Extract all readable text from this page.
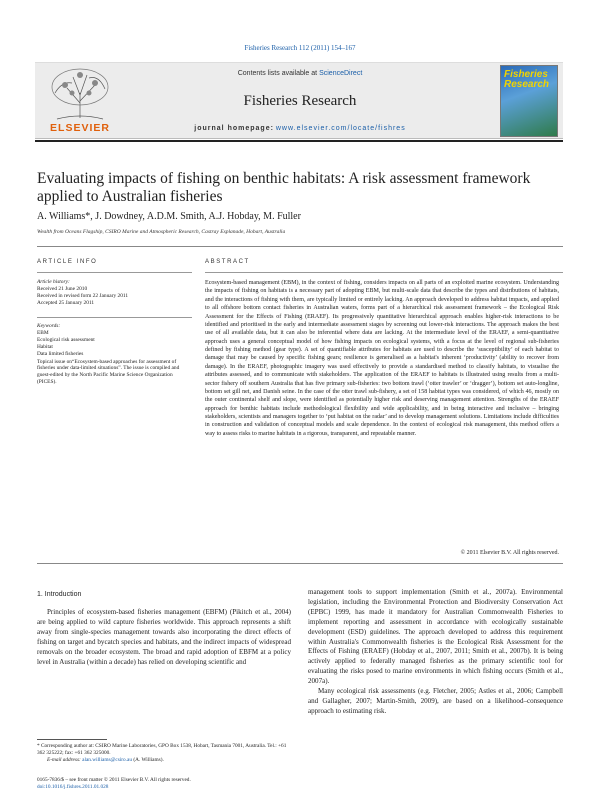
Fisheries Research 112 (2011) 154–167
ELSEVIER
Contents lists available at ScienceDirect
Fisheries Research
journal homepage: www.elsevier.com/locate/fishres
Fisheries
Research
Evaluating impacts of fishing on benthic habitats: A risk assessment framework
applied to Australian fisheries
A. Williams*, J. Dowdney, A.D.M. Smith, A.J. Hobday, M. Fuller
Wealth from Oceans Flagship, CSIRO Marine and Atmospheric Research, Castray Esplanade, Hobart, Australia
ARTICLE INFO
Article history:
Received 21 June 2010
Received in revised form 22 January 2011
Accepted 25 January 2011
Keywords:
EBM
Ecological risk assessment
Habitat
Data limited fisheries
Topical issue on“Ecosystem-based approaches for assessment of fisheries under data-limited situations”. The issue is compiled and guest-edited by the North Pacific Marine Science Organization (PICES).
ABSTRACT
Ecosystem-based management (EBM), in the context of fishing, considers impacts on all parts of an exploited marine ecosystem. Understanding the impacts of fishing on habitats is a necessary part of adopting EBM, but multi-scale data that describe the types and distributions of habitats, and the interactions of fishing with them, are typically limited or entirely lacking. An approach developed to address habitat impacts, and applied to all offshore bottom contact fisheries in Australian waters, forms part of a hierarchical risk assessment framework – the Ecological Risk Assessment for the Effects of Fishing (ERAEF). Its progressively quantitative hierarchical approach enables higher-risk interactions to be identified and prioritised in the early and intermediate assessment stages by screening out lower-risk interactions. The approach makes the best use of all available data, but it can also be inferential where data are lacking. At the intermediate level of the ERAEF, a semi-quantitative approach uses a general conceptual model of how fishing impacts on ecological systems, with a focus at the level of regional sub-fisheries defined by fishing method (gear type). A set of quantifiable attributes for habitats are used to describe the ‘susceptibility’ of each habitat to damage that may be caused by specific fishing gears; resilience is generalised as a habitat's inherent ‘productivity’ (ability to recover from damage). In the ERAEF, photographic imagery was used effectively to provide a standardised method to classify habitats, to visualise the attributes assessed, and to communicate with stakeholders. The application of the ERAEF to habitats is illustrated using results from a multi-sector fishery off southern Australia that has five primary sub-fisheries: two bottom trawl (‘otter trawler’ or ‘dragger’), bottom set auto-longline, bottom set gill net, and Danish seine. In the case of the otter trawl sub-fishery, a set of 158 habitat types was considered, of which 46, mostly on the outer continental shelf and slope, were identified as potentially higher risk and deserving management attention. Strengths of the ERAEF approach for benthic habitats include methodological flexibility and wide applicability, and in being interactive and inclusive – bringing stakeholders, scientists and managers together to ‘put habitat on the radar’ and to develop management solutions. Limitations include difficulties in construction and validation of conceptual models and scale dependence. In the context of ecological risk management, this method offers a way to assess risks to marine habitats in a rigorous, transparent, and repeatable manner.
© 2011 Elsevier B.V. All rights reserved.
1. Introduction
Principles of ecosystem-based fisheries management (EBFM) (Pikitch et al., 2004) are being applied to wild capture fisheries worldwide. This approach represents a shift away from single-species management towards also incorporating the direct effects of fishing on target and bycatch species and habitats, and the indirect impacts of widespread removals on the broader ecosystem. The broad and rapid adoption of EBFM at a policy level in Australia (within a decade) has relied on developing scientific and
management tools to support implementation (Smith et al., 2007a). Environmental legislation, including the Environmental Protection and Biodiversity Conservation Act (EPBC) 1999, has made it mandatory for Australian Commonwealth Fisheries to implement reporting and assessment in accordance with ecologically sustainable development (ESD) guidelines. The approach developed to address this requirement within Australia's Commonwealth fisheries is the Ecological Risk Assessment for the Effects of Fishing (ERAEF) (Hobday et al., 2007, 2011; Smith et al., 2007b). It is being actively applied to federally managed fisheries as the primary scientific tool for evaluating the risks posed to marine environments in which fishing occurs (Smith et al., 2007a).
Many ecological risk assessments (e.g. Fletcher, 2005; Astles et al., 2006; Campbell and Gallagher, 2007; Martin-Smith, 2009), are based on a likelihood–consequence approach to estimating risk.
* Corresponding author at: CSIRO Marine Laboratories, GPO Box 1538, Hobart, Tasmania 7001, Australia. Tel.: +61 362 325222; fax: +61 362 325000.
E-mail address: alan.williams@csiro.au (A. Williams).
0165-7836/$ – see front matter © 2011 Elsevier B.V. All rights reserved.
doi:10.1016/j.fishres.2011.01.028
